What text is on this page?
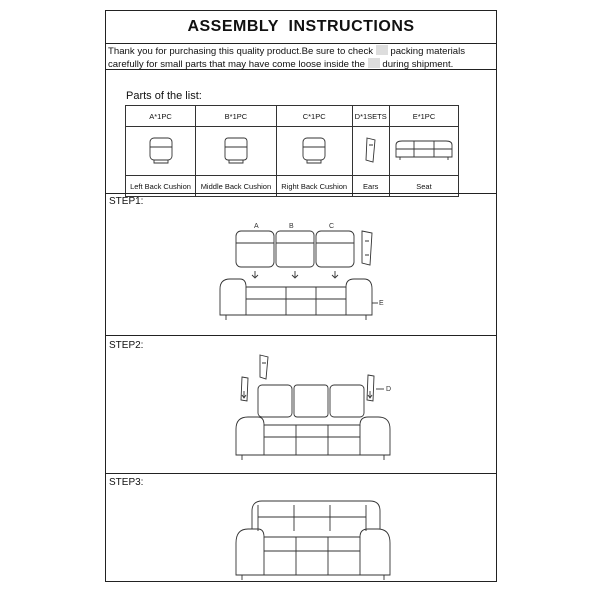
ASSEMBLY INSTRUCTIONS
Thank you for purchasing this quality product.Be sure to check packing materials
carefully for small parts that may have come loose inside the during shipment.
Parts of the list:
A*1PC	B*1PC	C*1PC	D*1SETS	E*1PC

Left Back Cushion	Middle Back Cushion	Right Back Cushion	Ears	Seat
STEP1:
A	B	C
E
STEP2:
D
STEP3:
